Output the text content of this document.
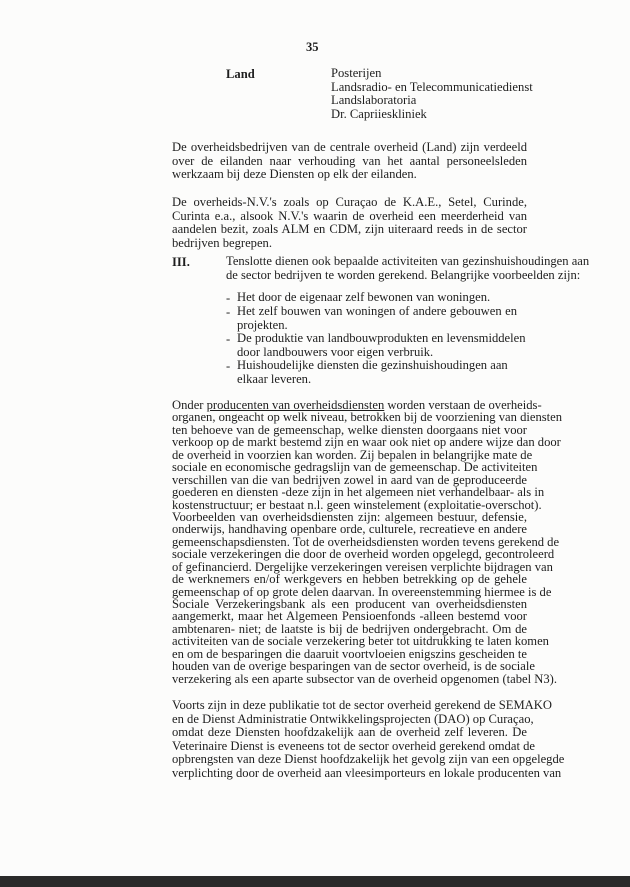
35
Land	Posterijen
Landsradio- en Telecommunicatiedienst
Landslaboratoria
Dr. Capriieskliniek
De overheidsbedrijven van de centrale overheid (Land) zijn verdeeld
over de eilanden naar verhouding van het aantal personeelsleden
werkzaam bij deze Diensten op elk der eilanden.
De overheids-N.V.'s zoals op Curaçao de K.A.E., Setel, Curinde,
Curinta e.a., alsook N.V.'s waarin de overheid een meerderheid van
aandelen bezit, zoals ALM en CDM, zijn uiteraard reeds in de sector
bedrijven begrepen.
III.	Tenslotte dienen ook bepaalde activiteiten van gezinshuishoudingen aan
de sector bedrijven te worden gerekend. Belangrijke voorbeelden zijn:
- Het door de eigenaar zelf bewonen van woningen.
- Het zelf bouwen van woningen of andere gebouwen en
projekten.
- De produktie van landbouwprodukten en levensmiddelen
door landbouwers voor eigen verbruik.
- Huishoudelijke diensten die gezinshuishoudingen aan
elkaar leveren.
Onder producenten van overheidsdiensten worden verstaan de overheids-
organen, ongeacht op welk niveau, betrokken bij de voorziening van diensten
ten behoeve van de gemeenschap, welke diensten doorgaans niet voor
verkoop op de markt bestemd zijn en waar ook niet op andere wijze dan door
de overheid in voorzien kan worden. Zij bepalen in belangrijke mate de
sociale en economische gedragslijn van de gemeenschap. De activiteiten
verschillen van die van bedrijven zowel in aard van de geproduceerde
goederen en diensten -deze zijn in het algemeen niet verhandelbaar- als in
kostenstructuur; er bestaat n.l. geen winstelement (exploitatie-overschot).
Voorbeelden van overheidsdiensten zijn: algemeen bestuur, defensie,
onderwijs, handhaving openbare orde, culturele, recreatieve en andere
gemeenschapsdiensten. Tot de overheidsdiensten worden tevens gerekend de
sociale verzekeringen die door de overheid worden opgelegd, gecontroleerd
of gefinancierd. Dergelijke verzekeringen vereisen verplichte bijdragen van
de werknemers en/of werkgevers en hebben betrekking op de gehele
gemeenschap of op grote delen daarvan. In overeenstemming hiermee is de
Sociale Verzekeringsbank als een producent van overheidsdiensten
aangemerkt, maar het Algemeen Pensioenfonds -alleen bestemd voor
ambtenaren- niet; de laatste is bij de bedrijven ondergebracht. Om de
activiteiten van de sociale verzekering beter tot uitdrukking te laten komen
en om de besparingen die daaruit voortvloeien enigszins gescheiden te
houden van de overige besparingen van de sector overheid, is de sociale
verzekering als een aparte subsector van de overheid opgenomen (tabel N3).
Voorts zijn in deze publikatie tot de sector overheid gerekend de SEMAKO
en de Dienst Administratie Ontwikkelingsprojecten (DAO) op Curaçao,
omdat deze Diensten hoofdzakelijk aan de overheid zelf leveren. De
Veterinaire Dienst is eveneens tot de sector overheid gerekend omdat de
opbrengsten van deze Dienst hoofdzakelijk het gevolg zijn van een opgelegde
verplichting door de overheid aan vleesimporteurs en lokale producenten van
